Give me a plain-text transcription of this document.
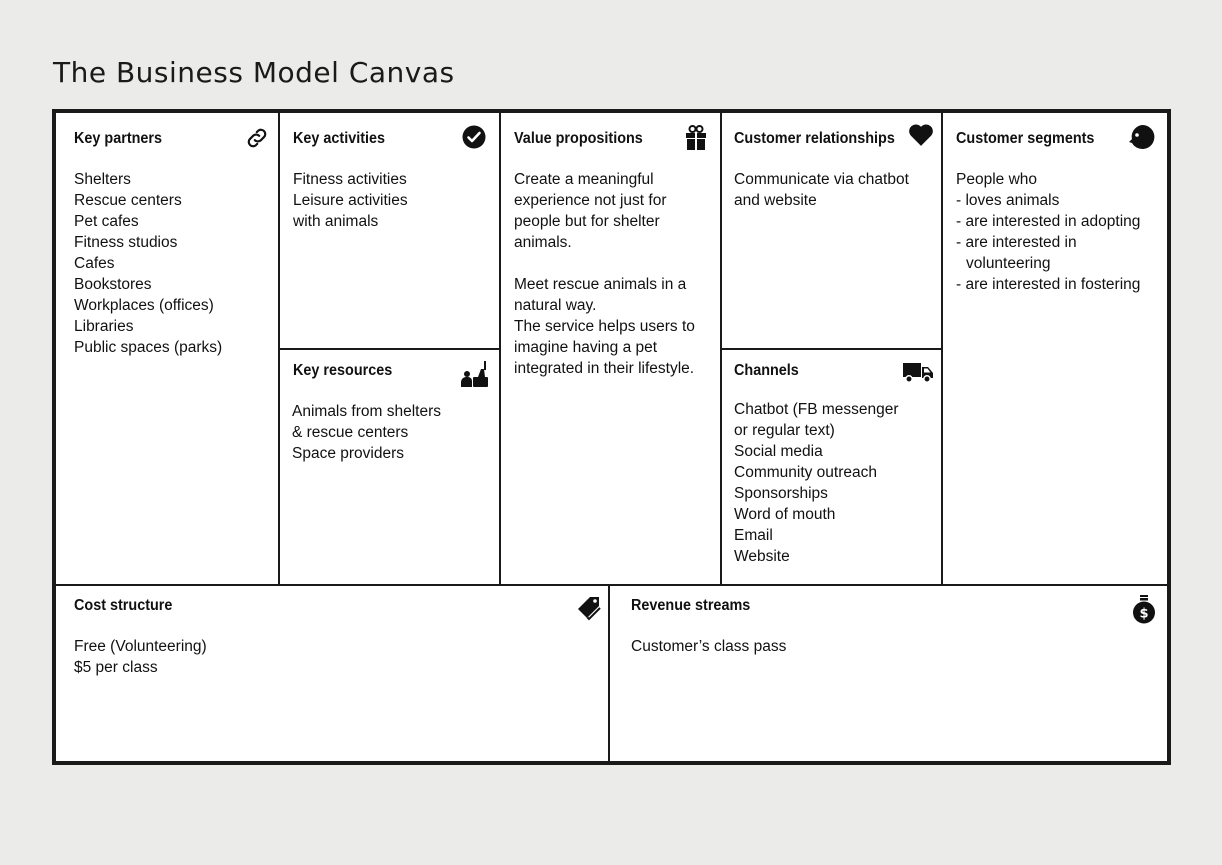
The Business Model Canvas
Key partners
Shelters
Rescue centers
Pet cafes
Fitness studios
Cafes
Bookstores
Workplaces (offices)
Libraries
Public spaces (parks)
Key activities
Fitness activities
Leisure activities
with animals
Key resources
Animals from shelters
& rescue centers
Space providers
Value propositions
Create a meaningful
experience not just for
people but for shelter
animals.

Meet rescue animals in a
natural way.
The service helps users to
imagine having a pet
integrated in their lifestyle.
Customer relationships
Communicate via chatbot
and website
Channels
Chatbot (FB messenger
or regular text)
Social media
Community outreach
Sponsorships
Word of mouth
Email
Website
Customer segments
People who
- loves animals
- are interested in adopting
- are interested in
volunteering
- are interested in fostering
Cost structure
Free (Volunteering)
$5 per class
Revenue streams	$
Customer’s class pass
